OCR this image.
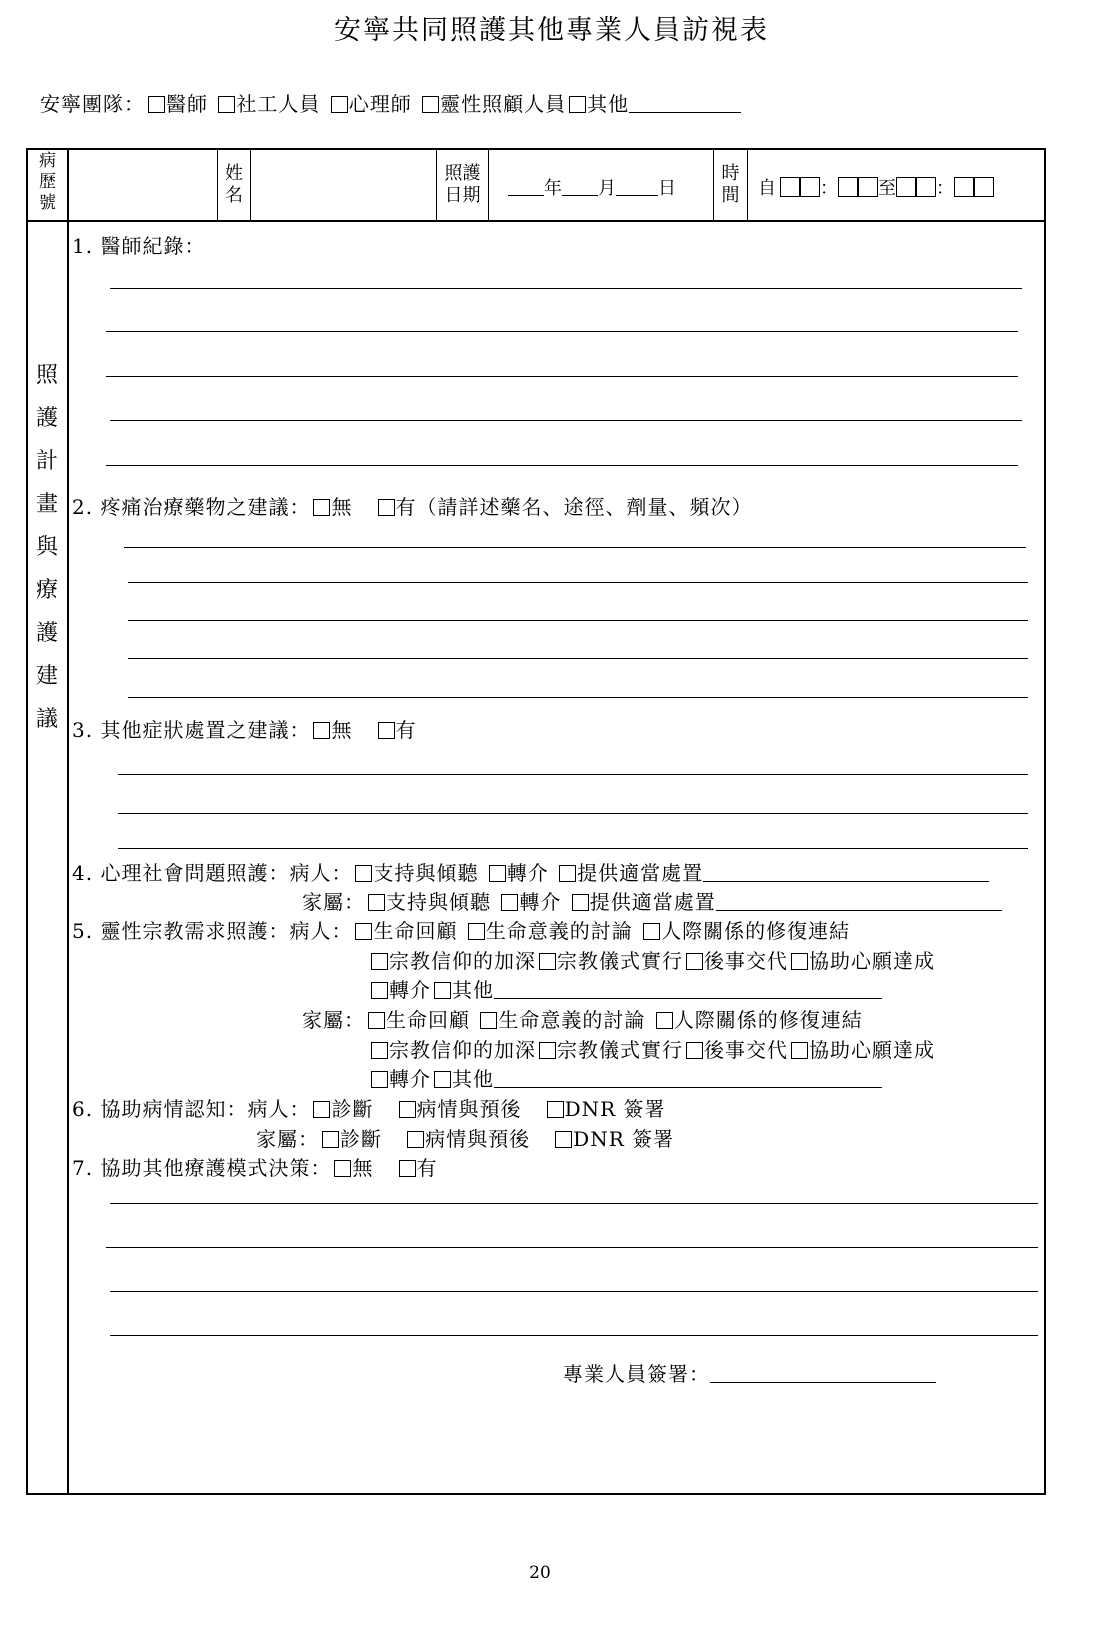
安寧共同照護其他專業人員訪視表
安寧團隊： 醫師 社工人員 心理師 靈性照顧人員 其他
病
歷
號
姓
名
照護
日期	年 月 日
時
間	自 ： 至 ：
照
護
計
畫
與
療
護
建
議
1. 醫師紀錄：
2. 疼痛治療藥物之建議： 無 有（請詳述藥名、途徑、劑量、頻次）
3. 其他症狀處置之建議： 無 有
4. 心理社會問題照護：病人： 支持與傾聽 轉介 提供適當處置
家屬： 支持與傾聽 轉介 提供適當處置
5. 靈性宗教需求照護：病人： 生命回顧 生命意義的討論 人際關係的修復連結
宗教信仰的加深 宗教儀式實行 後事交代 協助心願達成
轉介 其他
家屬： 生命回顧 生命意義的討論 人際關係的修復連結
宗教信仰的加深 宗教儀式實行 後事交代 協助心願達成
轉介 其他
6. 協助病情認知：病人： 診斷 病情與預後 DNR 簽署
家屬： 診斷 病情與預後 DNR 簽署
7. 協助其他療護模式決策： 無 有
專業人員簽署：
20
